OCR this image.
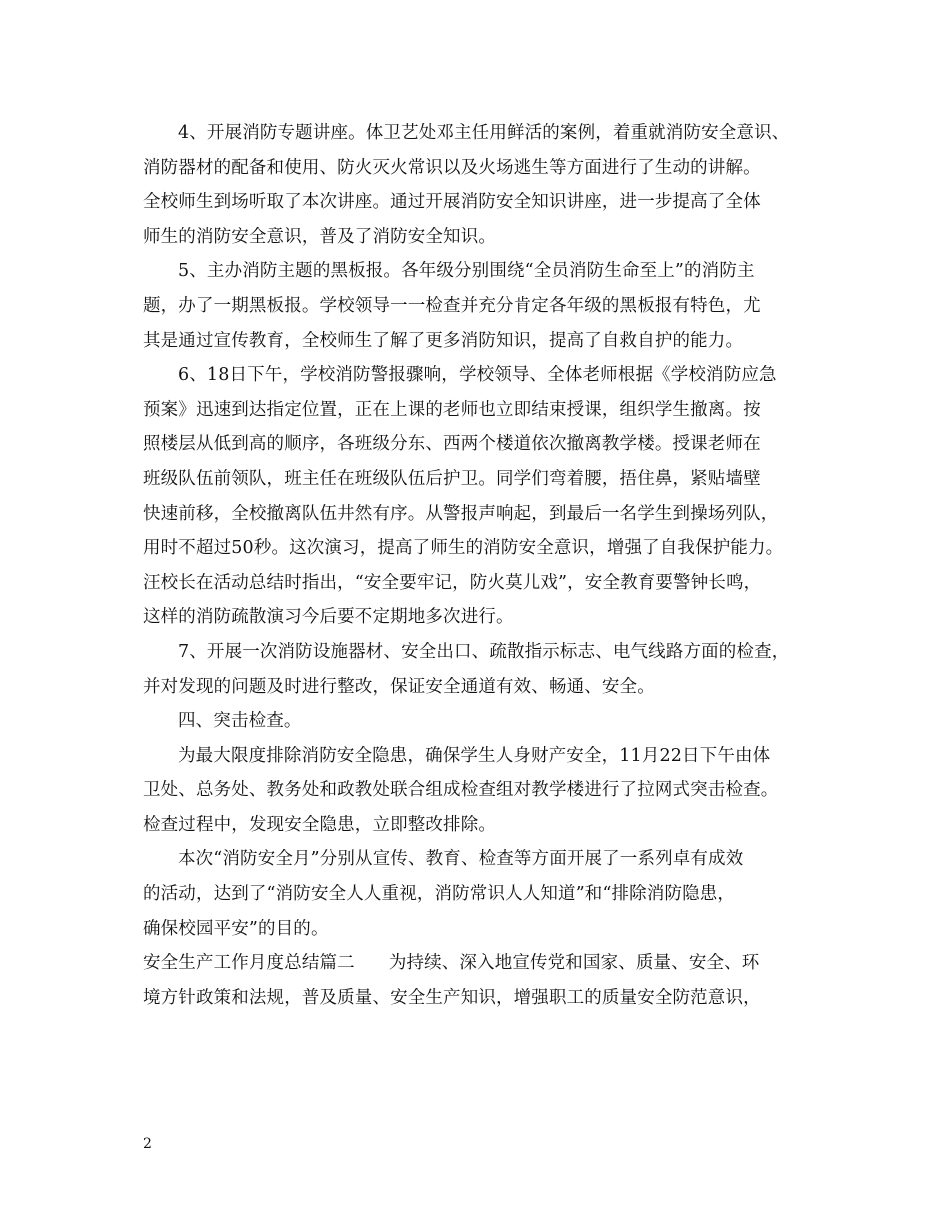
4、开展消防专题讲座。体卫艺处邓主任用鲜活的案例，着重就消防安全意识、
消防器材的配备和使用、防火灭火常识以及火场逃生等方面进行了生动的讲解。
全校师生到场听取了本次讲座。通过开展消防安全知识讲座，进一步提高了全体
师生的消防安全意识，普及了消防安全知识。
5、主办消防主题的黑板报。各年级分别围绕“全员消防生命至上”的消防主
题，办了一期黑板报。学校领导一一检查并充分肯定各年级的黑板报有特色，尤
其是通过宣传教育，全校师生了解了更多消防知识，提高了自救自护的能力。
6、18日下午，学校消防警报骤响，学校领导、全体老师根据《学校消防应急
预案》迅速到达指定位置，正在上课的老师也立即结束授课，组织学生撤离。按
照楼层从低到高的顺序，各班级分东、西两个楼道依次撤离教学楼。授课老师在
班级队伍前领队，班主任在班级队伍后护卫。同学们弯着腰，捂住鼻，紧贴墙壁
快速前移，全校撤离队伍井然有序。从警报声响起，到最后一名学生到操场列队，
用时不超过50秒。这次演习，提高了师生的消防安全意识，增强了自我保护能力。
汪校长在活动总结时指出，“安全要牢记，防火莫儿戏”，安全教育要警钟长鸣，
这样的消防疏散演习今后要不定期地多次进行。
7、开展一次消防设施器材、安全出口、疏散指示标志、电气线路方面的检查，
并对发现的问题及时进行整改，保证安全通道有效、畅通、安全。
四、突击检查。
为最大限度排除消防安全隐患，确保学生人身财产安全，11月22日下午由体
卫处、总务处、教务处和政教处联合组成检查组对教学楼进行了拉网式突击检查。
检查过程中，发现安全隐患，立即整改排除。
本次“消防安全月”分别从宣传、教育、检查等方面开展了一系列卓有成效
的活动，达到了“消防安全人人重视，消防常识人人知道”和“排除消防隐患，
确保校园平安”的目的。
安全生产工作月度总结篇二 为持续、深入地宣传党和国家、质量、安全、环
境方针政策和法规，普及质量、安全生产知识，增强职工的质量安全防范意识，
2
